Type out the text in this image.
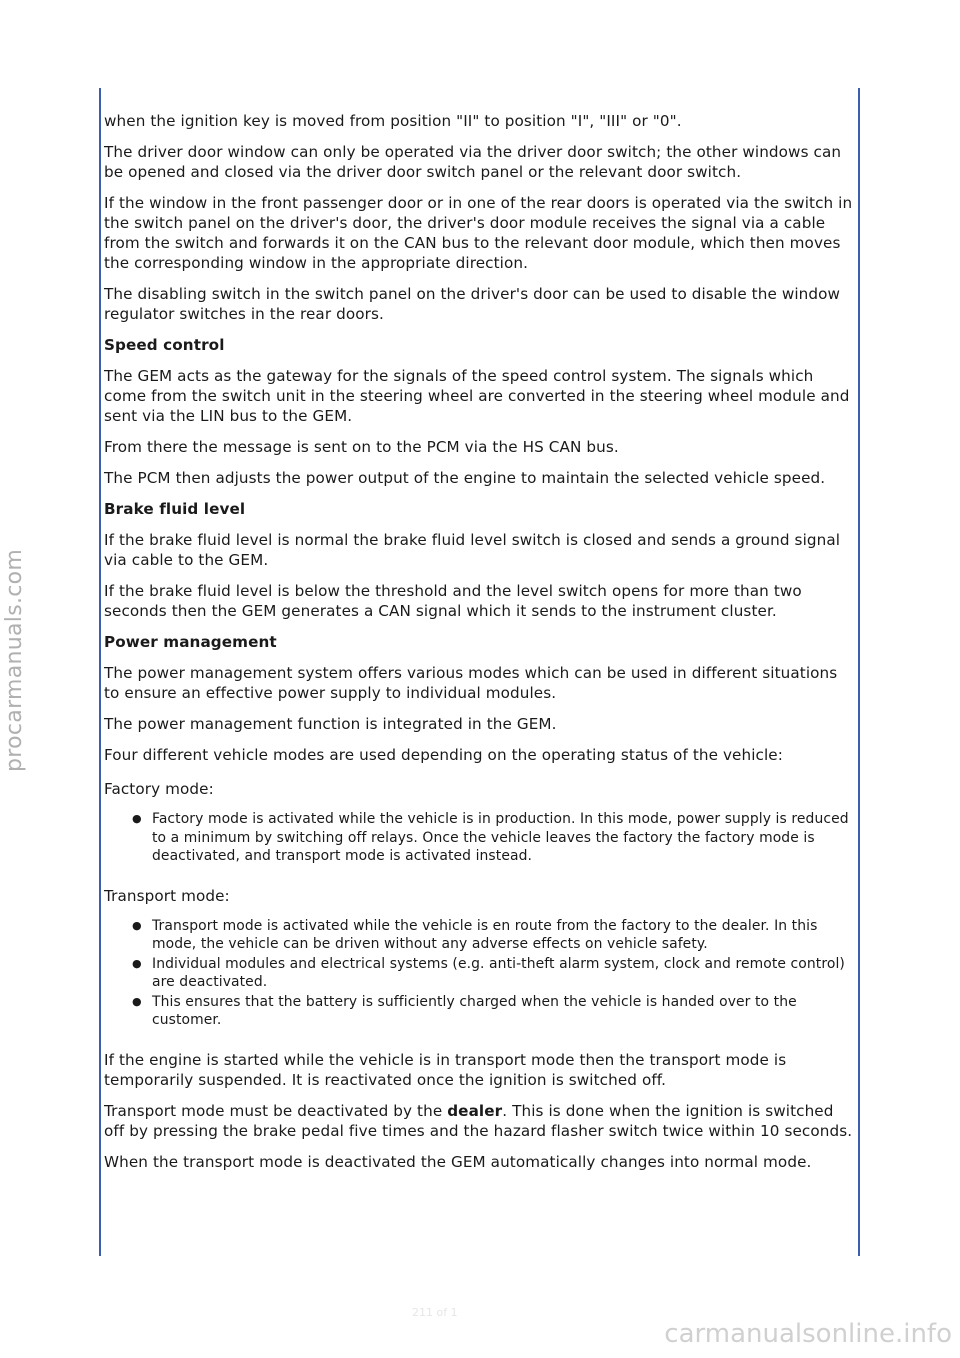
when the ignition key is moved from position "II" to position "I", "III" or "0".

The driver door window can only be operated via the driver door switch; the other windows can be opened and closed via the driver door switch panel or the relevant door switch.

If the window in the front passenger door or in one of the rear doors is operated via the switch in the switch panel on the driver's door, the driver's door module receives the signal via a cable from the switch and forwards it on the CAN bus to the relevant door module, which then moves the corresponding window in the appropriate direction.

The disabling switch in the switch panel on the driver's door can be used to disable the window regulator switches in the rear doors.

Speed control

The GEM acts as the gateway for the signals of the speed control system. The signals which come from the switch unit in the steering wheel are converted in the steering wheel module and sent via the LIN bus to the GEM.

From there the message is sent on to the PCM via the HS CAN bus.

The PCM then adjusts the power output of the engine to maintain the selected vehicle speed.

Brake fluid level

If the brake fluid level is normal the brake fluid level switch is closed and sends a ground signal via cable to the GEM.

If the brake fluid level is below the threshold and the level switch opens for more than two seconds then the GEM generates a CAN signal which it sends to the instrument cluster.

Power management

The power management system offers various modes which can be used in different situations to ensure an effective power supply to individual modules.

The power management function is integrated in the GEM.

Four different vehicle modes are used depending on the operating status of the vehicle:

Factory mode:

● Factory mode is activated while the vehicle is in production. In this mode, power supply is reduced to a minimum by switching off relays. Once the vehicle leaves the factory the factory mode is deactivated, and transport mode is activated instead.

Transport mode:

● Transport mode is activated while the vehicle is en route from the factory to the dealer. In this mode, the vehicle can be driven without any adverse effects on vehicle safety.
● Individual modules and electrical systems (e.g. anti-theft alarm system, clock and remote control) are deactivated.
● This ensures that the battery is sufficiently charged when the vehicle is handed over to the customer.

If the engine is started while the vehicle is in transport mode then the transport mode is temporarily suspended. It is reactivated once the ignition is switched off.

Transport mode must be deactivated by the dealer. This is done when the ignition is switched off by pressing the brake pedal five times and the hazard flasher switch twice within 10 seconds.

When the transport mode is deactivated the GEM automatically changes into normal mode.

211 of 1
procarmanuals.com
carmanualsonline.info
